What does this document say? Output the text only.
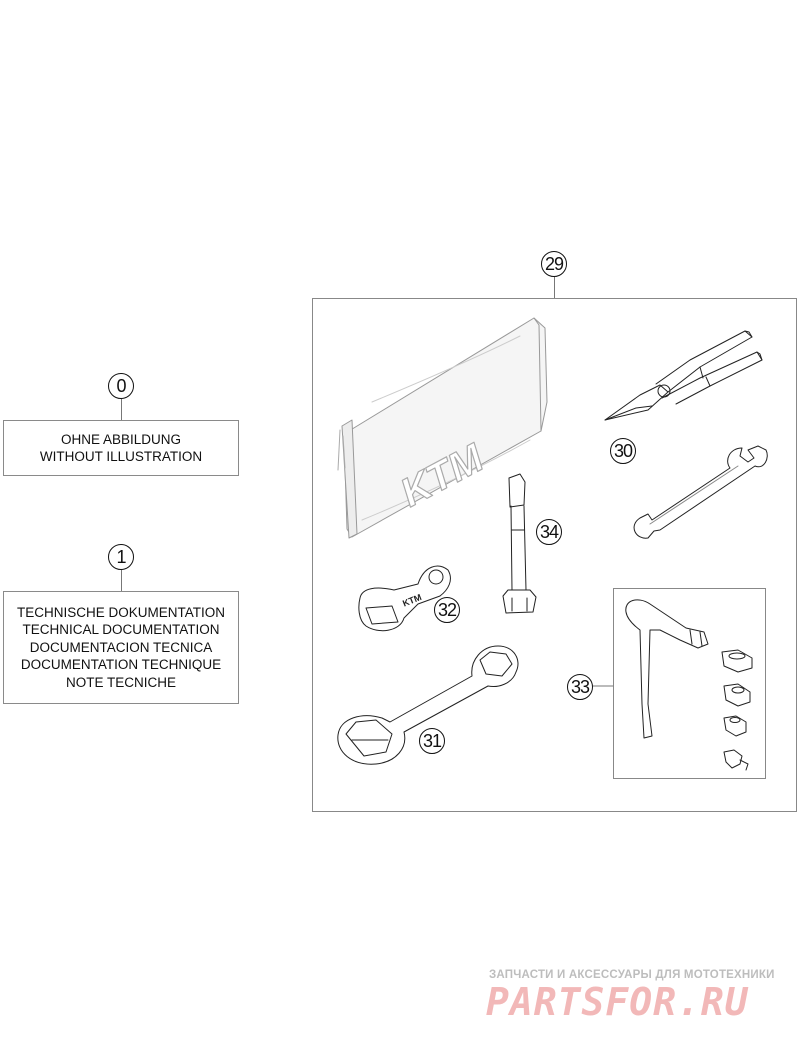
0
OHNE ABBILDUNG
WITHOUT ILLUSTRATION
1
TECHNISCHE DOKUMENTATION
TECHNICAL DOCUMENTATION
DOCUMENTACION TECNICA
DOCUMENTATION TECHNIQUE
NOTE TECNICHE
29
KTM
KTM
30
34
32
33
31
ЗАПЧАСТИ И АКСЕССУАРЫ ДЛЯ МОТОТЕХНИКИ
PARTSFOR.RU
